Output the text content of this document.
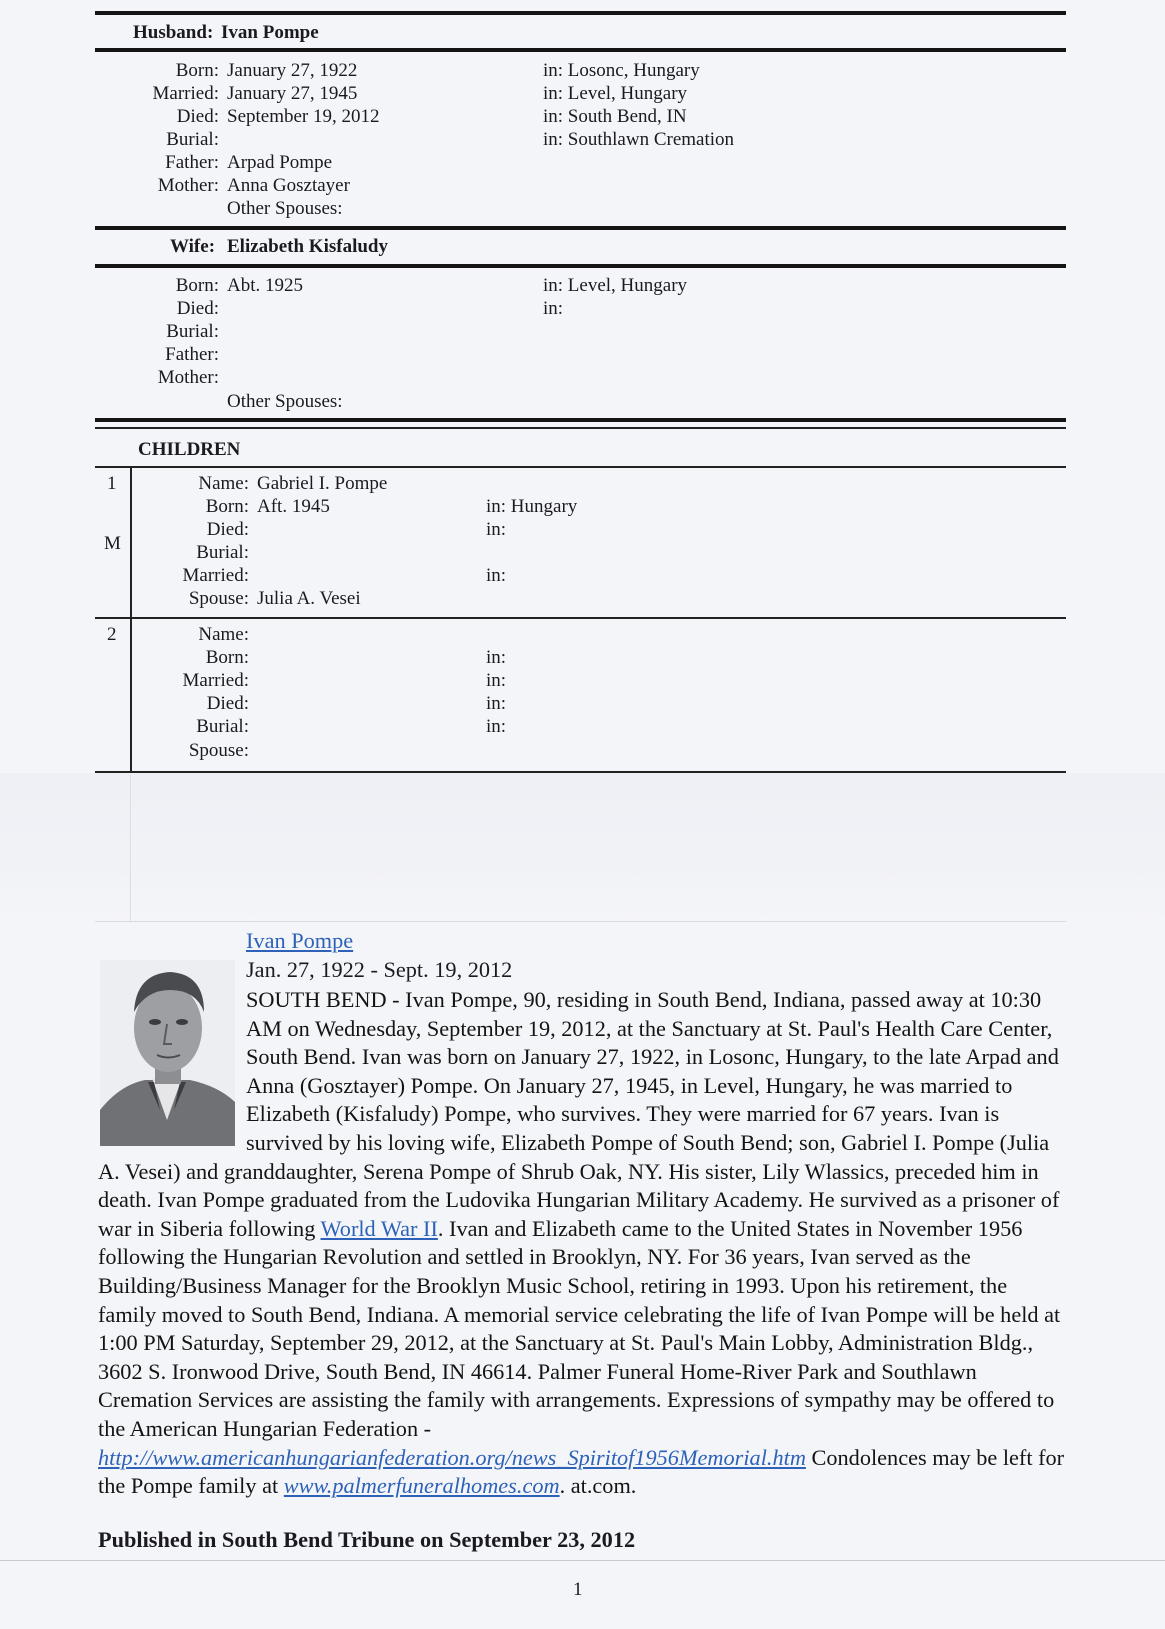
Husband: Ivan Pompe
Born: January 27, 1922	in: Losonc, Hungary
Married: January 27, 1945	in: Level, Hungary
Died: September 19, 2012	in: South Bend, IN
Burial:	in: Southlawn Cremation
Father: Arpad Pompe
Mother: Anna Gosztayer
Other Spouses:
Wife: Elizabeth Kisfaludy
Born: Abt. 1925	in: Level, Hungary
Died:	in:
Burial:
Father:
Mother:
Other Spouses:
CHILDREN
1
M
Name: Gabriel I. Pompe
Born: Aft. 1945	in: Hungary
Died:	in:
Burial:
Married:	in:
Spouse: Julia A. Vesei
2	Name:
Born:	in:
Married:	in:
Died:	in:
Burial:	in:
Spouse:
Ivan Pompe
Jan. 27, 1922 - Sept. 19, 2012
SOUTH BEND - Ivan Pompe, 90, residing in South Bend, Indiana, passed away at 10:30 AM on Wednesday, September 19, 2012, at the Sanctuary at St. Paul's Health Care Center, South Bend. Ivan was born on January 27, 1922, in Losonc, Hungary, to the late Arpad and Anna (Gosztayer) Pompe. On January 27, 1945, in Level, Hungary, he was married to Elizabeth (Kisfaludy) Pompe, who survives. They were married for 67 years. Ivan is survived by his loving wife, Elizabeth Pompe of South Bend; son, Gabriel I. Pompe (Julia A. Vesei) and granddaughter, Serena Pompe of Shrub Oak, NY. His sister, Lily Wlassics, preceded him in death. Ivan Pompe graduated from the Ludovika Hungarian Military Academy. He survived as a prisoner of war in Siberia following World War II. Ivan and Elizabeth came to the United States in November 1956 following the Hungarian Revolution and settled in Brooklyn, NY. For 36 years, Ivan served as the Building/Business Manager for the Brooklyn Music School, retiring in 1993. Upon his retirement, the family moved to South Bend, Indiana. A memorial service celebrating the life of Ivan Pompe will be held at 1:00 PM Saturday, September 29, 2012, at the Sanctuary at St. Paul's Main Lobby, Administration Bldg., 3602 S. Ironwood Drive, South Bend, IN 46614. Palmer Funeral Home-River Park and Southlawn Cremation Services are assisting the family with arrangements. Expressions of sympathy may be offered to the American Hungarian Federation - http://www.americanhungarianfederation.org/news_Spiritof1956Memorial.htm Condolences may be left for the Pompe family at www.palmerfuneralhomes.com. at.com.
Published in South Bend Tribune on September 23, 2012
1
